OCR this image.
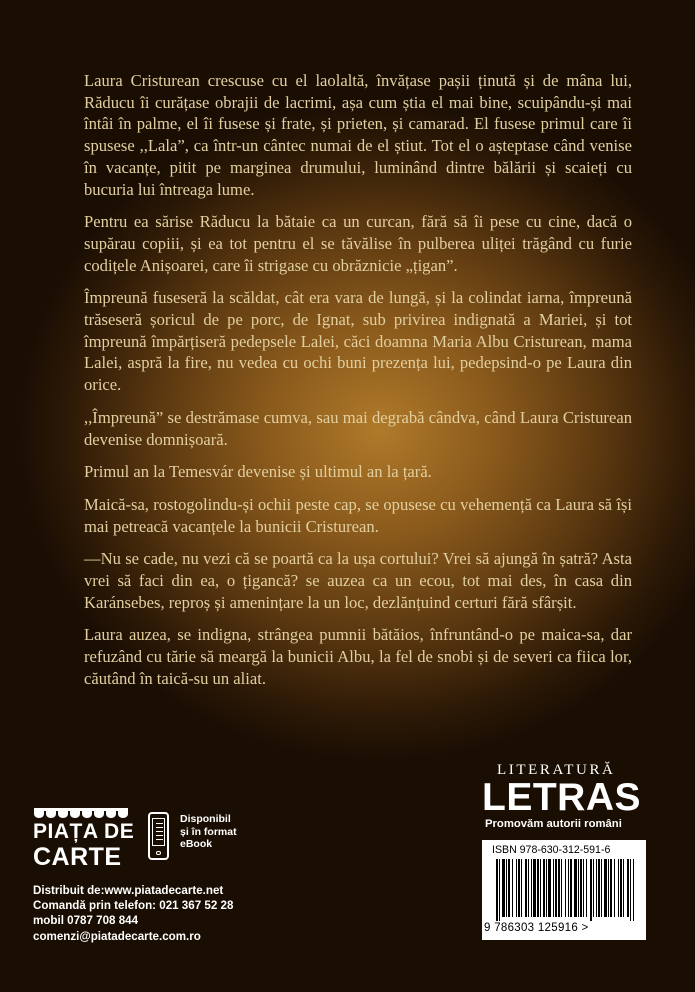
Laura Cristurean crescuse cu el laolaltă, învățase pașii ținută și de mâna lui, Răducu îi curățase obrajii de lacrimi, așa cum știa el mai bine, scuipându-și mai întâi în palme, el îi fusese și frate, și prieten, și camarad. El fusese primul care îi spusese ,,Lala”, ca într-un cântec numai de el știut. Tot el o așteptase când venise în vacanțe, pitit pe marginea drumului, luminând dintre bălării și scaieți cu bucuria lui întreaga lume.

Pentru ea sărise Răducu la bătaie ca un curcan, fără să îi pese cu cine, dacă o supărau copiii, și ea tot pentru el se tăvălise în pulberea uliței trăgând cu furie codițele Anișoarei, care îi strigase cu obrăznicie „țigan”.

Împreună fuseseră la scăldat, cât era vara de lungă, și la colindat iarna, împreună trăseseră șoricul de pe porc, de Ignat, sub privirea indignată a Mariei, și tot împreună împărțiseră pedepsele Lalei, căci doamna Maria Albu Cristurean, mama Lalei, aspră la fire, nu vedea cu ochi buni prezența lui, pedepsind-o pe Laura din orice.

,,Împreună” se destrămase cumva, sau mai degrabă cândva, când Laura Cristurean devenise domnișoară.

Primul an la Temesvár devenise și ultimul an la țară.

Maică-sa, rostogolindu-și ochii peste cap, se opusese cu vehemență ca Laura să își mai petreacă vacanțele la bunicii Cristurean.

—Nu se cade, nu vezi că se poartă ca la ușa cortului? Vrei să ajungă în șatră? Asta vrei să faci din ea, o țigancă? se auzea ca un ecou, tot mai des, în casa din Karánsebes, reproș și amenințare la un loc, dezlănțuind certuri fără sfârșit.

Laura auzea, se indigna, strângea pumnii bătăios, înfruntând-o pe maica-sa, dar refuzând cu tărie să meargă la bunicii Albu, la fel de snobi și de severi ca fiica lor, căutând în taică-su un aliat.

PIAȚA DE
CARTE
Disponibil
și în format
eBook
Distribuit de:www.piatadecarte.net
Comandă prin telefon: 021 367 52 28
mobil 0787 708 844
comenzi@piatadecarte.com.ro
LITERATURĂ
LETRAS
Promovăm autorii români
ISBN 978-630-312-591-6
9 786303 125916 >
